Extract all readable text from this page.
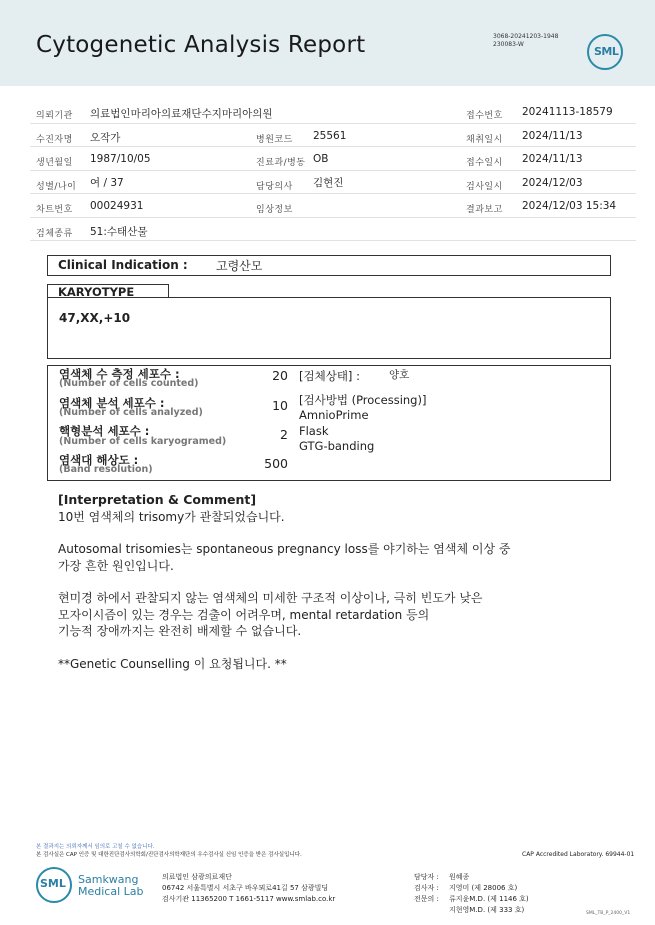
Cytogenetic Analysis Report	3068-20241203-1948
230083-W
SML
의뢰기관 의료법인마리아의료재단수지마리아의원	접수번호 20241113-18579
수진자명 오작가	병원코드 25561	채취일시 2024/11/13
생년월일 1987/10/05	진료과/병동 OB	접수일시 2024/11/13
성별/나이 여 / 37	담당의사 김현진	검사일시 2024/12/03
차트번호 00024931	임상정보	결과보고 2024/12/03 15:34
검체종류 51:수태산물
Clinical Indication : 고령산모
KARYOTYPE
47,XX,+10
염색체 수 측정 세포수 :
(Number of cells counted)
20
염색체 분석 세포수 :
(Number of cells analyzed)	10
핵형분석 세포수 :
(Number of cells karyogramed)	2
염색대 해상도 :
(Band resolution)	500
[검체상태] :	양호
[검사방법 (Processing)]
AmnioPrime
Flask
GTG-banding

[Interpretation & Comment]

10번 염색체의 trisomy가 관찰되었습니다.

Autosomal trisomies는 spontaneous pregnancy loss를 야기하는 염색체 이상 중

가장 흔한 원인입니다.

현미경 하에서 관찰되지 않는 염색체의 미세한 구조적 이상이나, 극히 빈도가 낮은

모자이시즘이 있는 경우는 검출이 어려우며, mental retardation 등의

기능적 장애까지는 완전히 배제할 수 없습니다.

**Genetic Counselling 이 요청됩니다. **

본 결과지는 의뢰자께서 임의로 고칠 수 없습니다.
본 검사실은 CAP 인증 및 대한진단검사의학회/진단검사의학재단의 우수검사실 신임 인증을 받은 검사실입니다.	CAP Accredited Laboratory. 69944-01
SML Samkwang
Medical Lab
의료법인 삼광의료재단
06742 서울특별시 서초구 바우뫼로41길 57 삼광빌딩
검사기관 11365200 T 1661-5117 www.smlab.co.kr
담당자 : 원혜종
검사자 : 지영미 (제 28006 호)
전문의 : 류지윤M.D. (제 1146 호)
지현영M.D. (제 333 호)	SML_TB_P_2400_V1
